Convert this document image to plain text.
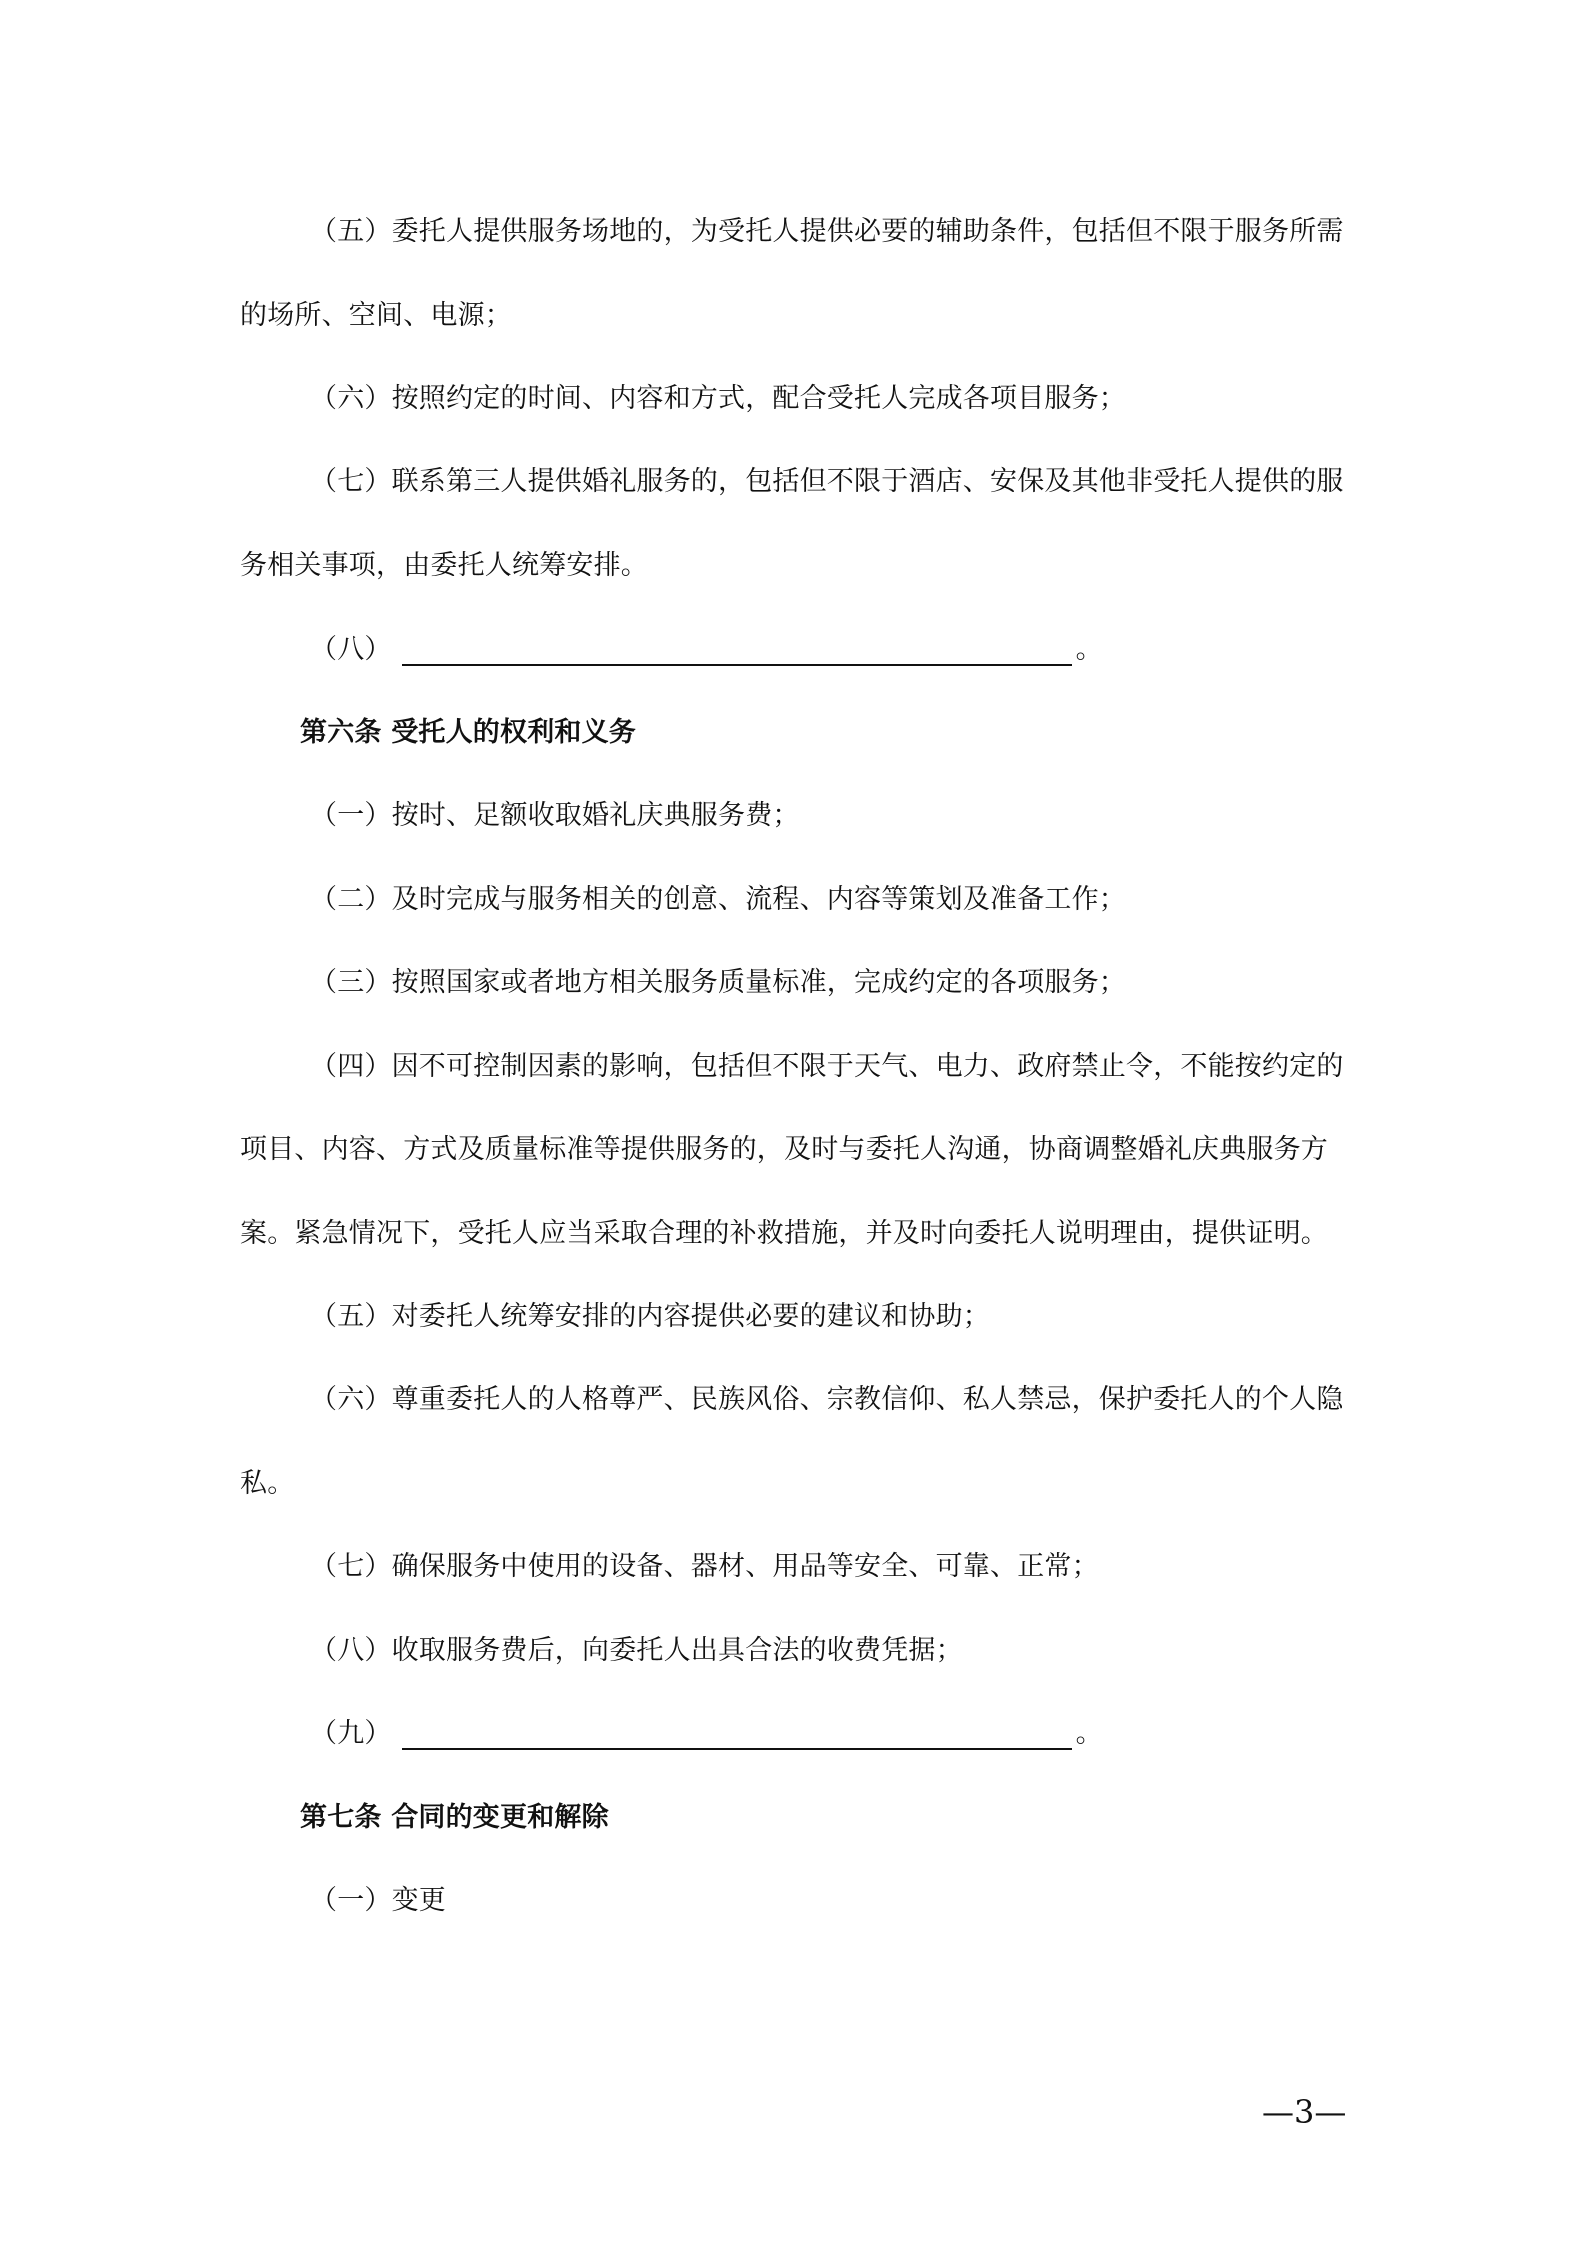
（五）委托人提供服务场地的，为受托人提供必要的辅助条件，包括但不限于服务所需
的场所、空间、电源；
（六）按照约定的时间、内容和方式，配合受托人完成各项目服务；
（七）联系第三人提供婚礼服务的，包括但不限于酒店、安保及其他非受托人提供的服
务相关事项，由委托人统筹安排。
（八）	。
第六条 受托人的权利和义务
（一）按时、足额收取婚礼庆典服务费；
（二）及时完成与服务相关的创意、流程、内容等策划及准备工作；
（三）按照国家或者地方相关服务质量标准，完成约定的各项服务；
（四）因不可控制因素的影响，包括但不限于天气、电力、政府禁止令，不能按约定的
项目、内容、方式及质量标准等提供服务的，及时与委托人沟通，协商调整婚礼庆典服务方
案。紧急情况下，受托人应当采取合理的补救措施，并及时向委托人说明理由，提供证明。
（五）对委托人统筹安排的内容提供必要的建议和协助；
（六）尊重委托人的人格尊严、民族风俗、宗教信仰、私人禁忌，保护委托人的个人隐
私。
（七）确保服务中使用的设备、器材、用品等安全、可靠、正常；
（八）收取服务费后，向委托人出具合法的收费凭据；
（九）	。
第七条 合同的变更和解除
（一）变更
—3—
